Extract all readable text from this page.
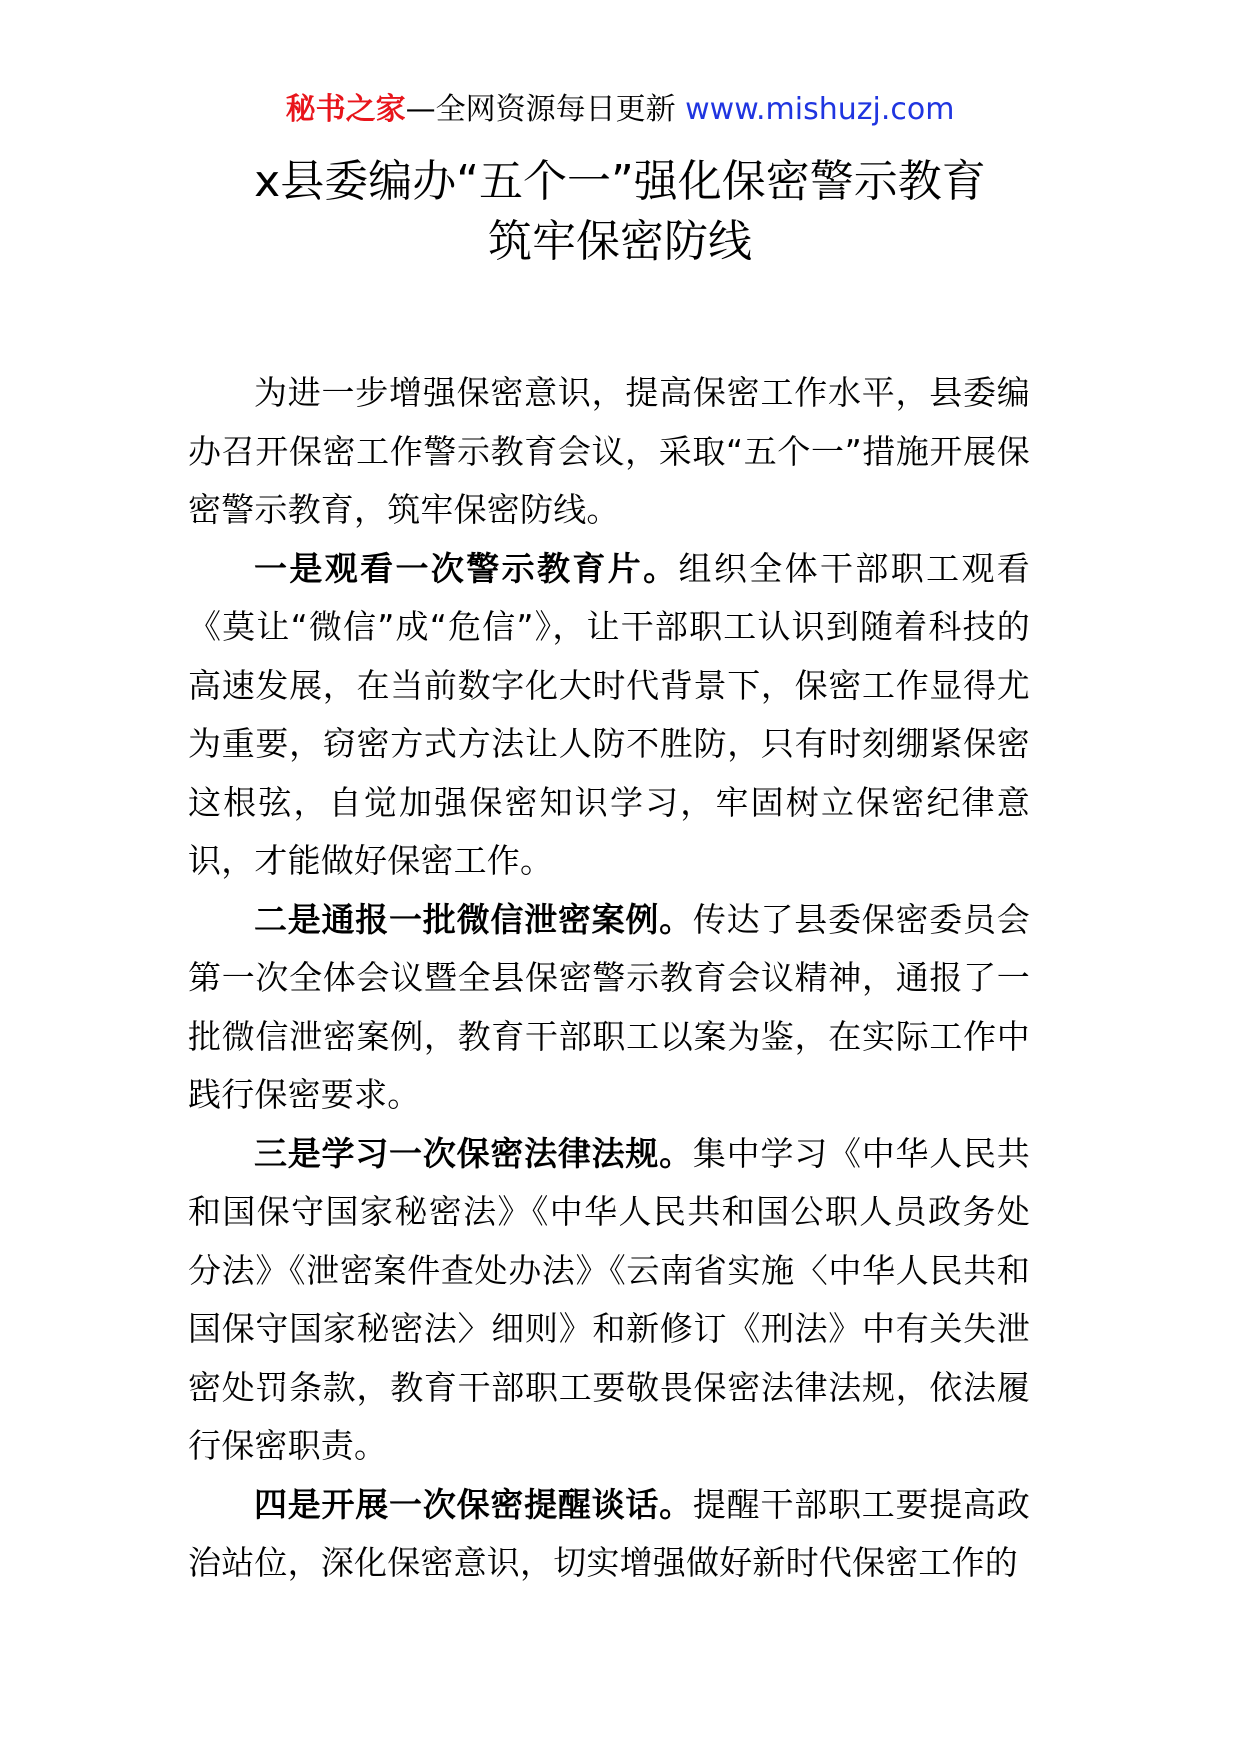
秘书之家—全网资源每日更新 www.mishuzj.com
x县委编办“五个一”强化保密警示教育
筑牢保密防线

为进一步增强保密意识，提高保密工作水平，县委编办召开保密工作警示教育会议，采取“五个一”措施开展保密警示教育，筑牢保密防线。

一是观看一次警示教育片。组织全体干部职工观看《莫让“微信”成“危信”》，让干部职工认识到随着科技的高速发展，在当前数字化大时代背景下，保密工作显得尤为重要，窃密方式方法让人防不胜防，只有时刻绷紧保密这根弦，自觉加强保密知识学习，牢固树立保密纪律意识，才能做好保密工作。

二是通报一批微信泄密案例。传达了县委保密委员会第一次全体会议暨全县保密警示教育会议精神，通报了一批微信泄密案例，教育干部职工以案为鉴，在实际工作中践行保密要求。

三是学习一次保密法律法规。集中学习《中华人民共和国保守国家秘密法》《中华人民共和国公职人员政务处分法》《泄密案件查处办法》《云南省实施〈中华人民共和国保守国家秘密法〉细则》和新修订《刑法》中有关失泄密处罚条款，教育干部职工要敬畏保密法律法规，依法履行保密职责。

四是开展一次保密提醒谈话。提醒干部职工要提高政治站位，深化保密意识，切实增强做好新时代保密工作的
